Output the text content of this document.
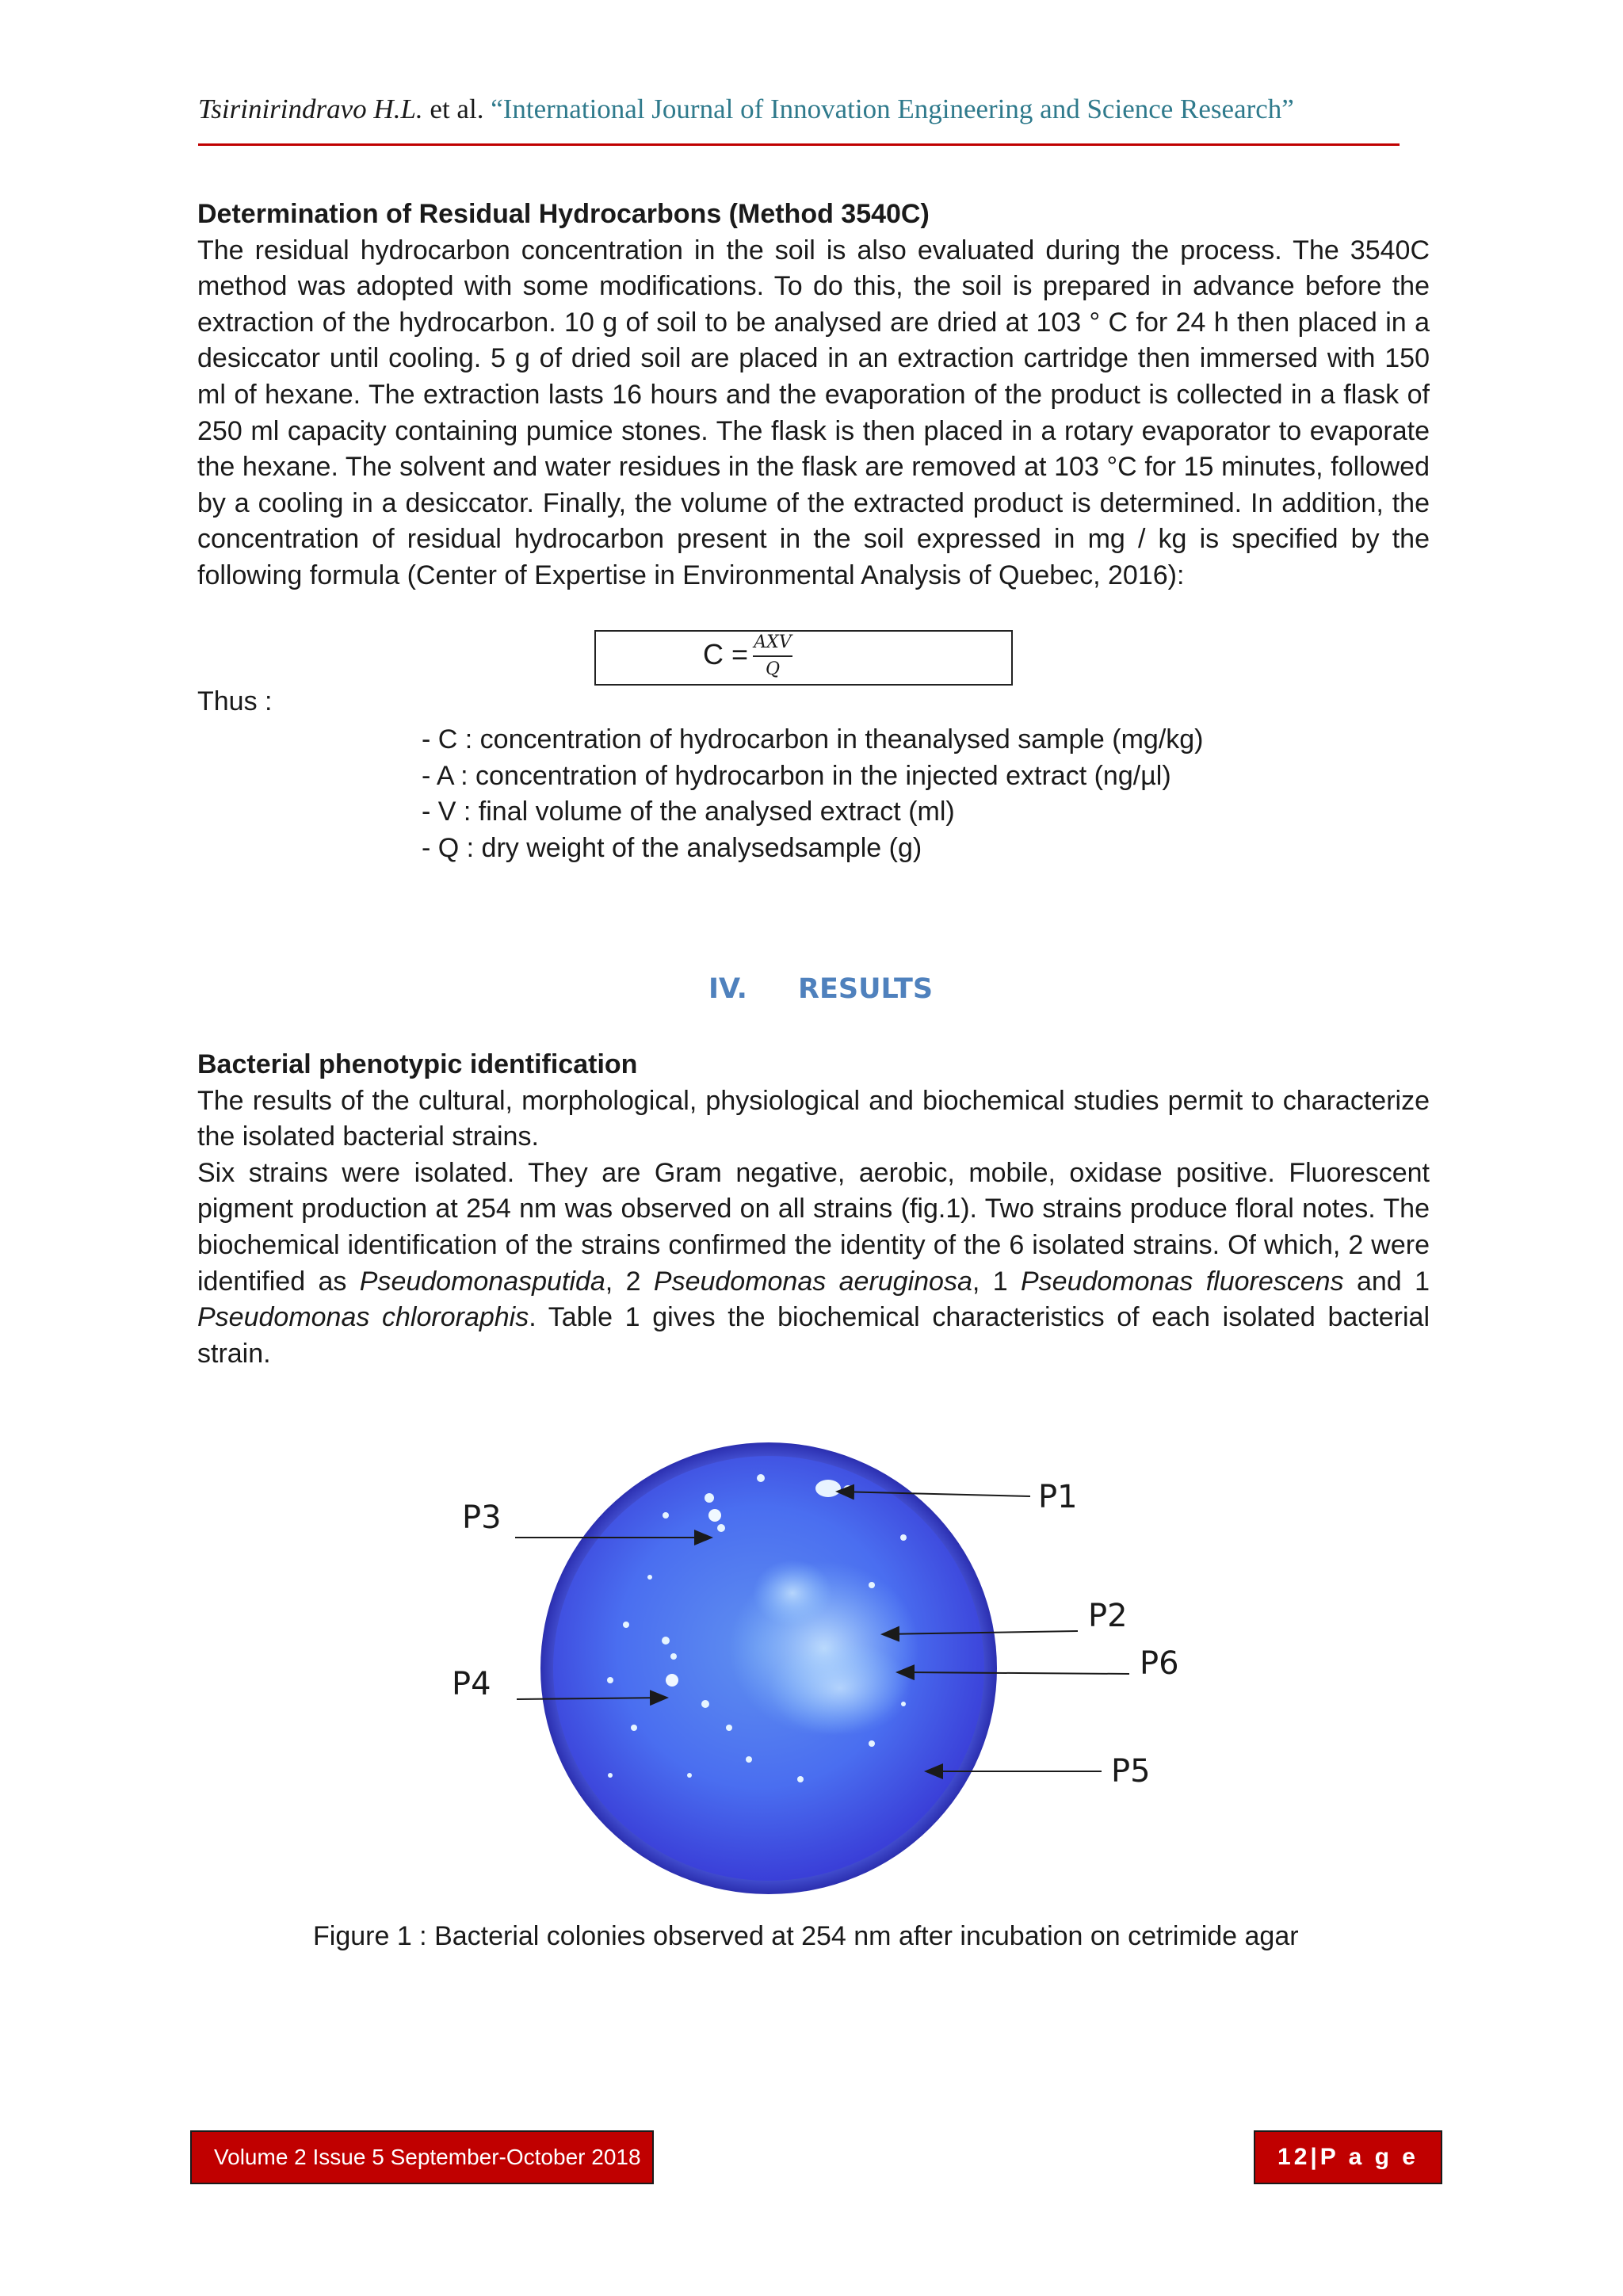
Tsirinirindravo H.L. et al. “International Journal of Innovation Engineering and Science Research”
Determination of Residual Hydrocarbons (Method 3540C)
The residual hydrocarbon concentration in the soil is also evaluated during the process. The 3540C method was adopted with some modifications. To do this, the soil is prepared in advance before the extraction of the hydrocarbon. 10 g of soil to be analysed are dried at 103 ° C for 24 h then placed in a desiccator until cooling. 5 g of dried soil are placed in an extraction cartridge then immersed with 150 ml of hexane. The extraction lasts 16 hours and the evaporation of the product is collected in a flask of 250 ml capacity containing pumice stones. The flask is then placed in a rotary evaporator to evaporate the hexane. The solvent and water residues in the flask are removed at 103 °C for 15 minutes, followed by a cooling in a desiccator. Finally, the volume of the extracted product is determined. In addition, the concentration of residual hydrocarbon present in the soil expressed in mg / kg is specified by the following formula (Center of Expertise in Environmental Analysis of Quebec, 2016):
C = AXV
Q
Thus :
- C : concentration of hydrocarbon in theanalysed sample (mg/kg)
- A : concentration of hydrocarbon in the injected extract (ng/µl)
- V : final volume of the analysed extract (ml)
- Q : dry weight of the analysedsample (g)
IV. RESULTS
Bacterial phenotypic identification
The results of the cultural, morphological, physiological and biochemical studies permit to characterize the isolated bacterial strains.
Six strains were isolated. They are Gram negative, aerobic, mobile, oxidase positive. Fluorescent pigment production at 254 nm was observed on all strains (fig.1). Two strains produce floral notes. The biochemical identification of the strains confirmed the identity of the 6 isolated strains. Of which, 2 were identified as Pseudomonasputida, 2 Pseudomonas aeruginosa, 1 Pseudomonas fluorescens and 1 Pseudomonas chlororaphis. Table 1 gives the biochemical characteristics of each isolated bacterial strain.
P1
P3
P2
P6
P4
P5
Figure 1 : Bacterial colonies observed at 254 nm after incubation on cetrimide agar
Volume 2 Issue 5 September-October 2018	12 |P a g e
